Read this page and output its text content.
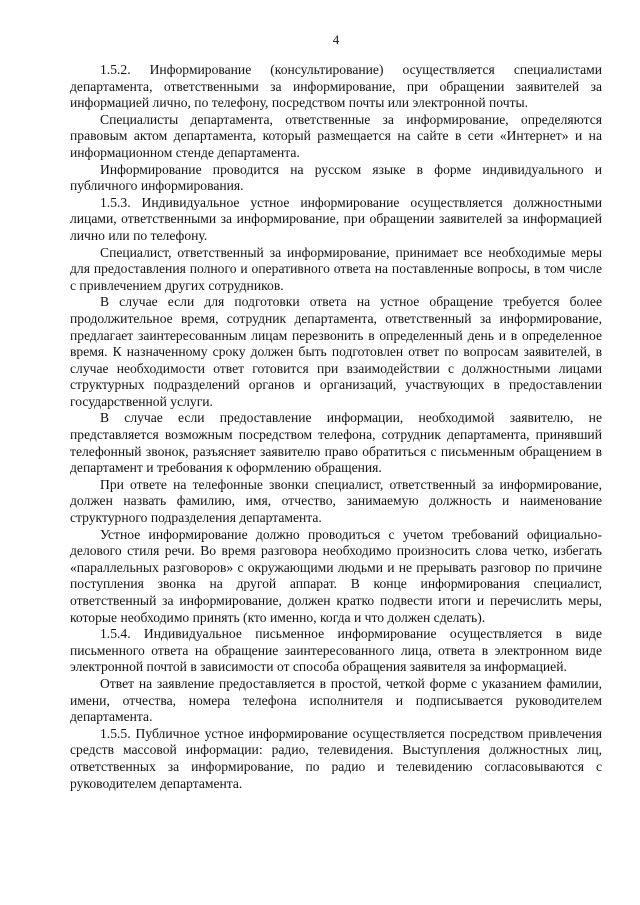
4

1.5.2. Информирование (консультирование) осуществляется специалистами департамента, ответственными за информирование, при обращении заявителей за информацией лично, по телефону, посредством почты или электронной почты.

Специалисты департамента, ответственные за информирование, определяются правовым актом департамента, который размещается на сайте в сети «Интернет» и на информационном стенде департамента.

Информирование проводится на русском языке в форме индивидуального и публичного информирования.

1.5.3. Индивидуальное устное информирование осуществляется должностными лицами, ответственными за информирование, при обращении заявителей за информацией лично или по телефону.

Специалист, ответственный за информирование, принимает все необходимые меры для предоставления полного и оперативного ответа на поставленные вопросы, в том числе с привлечением других сотрудников.

В случае если для подготовки ответа на устное обращение требуется более продолжительное время, сотрудник департамента, ответственный за информирование, предлагает заинтересованным лицам перезвонить в определенный день и в определенное время. К назначенному сроку должен быть подготовлен ответ по вопросам заявителей, в случае необходимости ответ готовится при взаимодействии с должностными лицами структурных подразделений органов и организаций, участвующих в предоставлении государственной услуги.

В случае если предоставление информации, необходимой заявителю, не представляется возможным посредством телефона, сотрудник департамента, принявший телефонный звонок, разъясняет заявителю право обратиться с письменным обращением в департамент и требования к оформлению обращения.

При ответе на телефонные звонки специалист, ответственный за информирование, должен назвать фамилию, имя, отчество, занимаемую должность и наименование структурного подразделения департамента.

Устное информирование должно проводиться с учетом требований официально-делового стиля речи. Во время разговора необходимо произносить слова четко, избегать «параллельных разговоров» с окружающими людьми и не прерывать разговор по причине поступления звонка на другой аппарат. В конце информирования специалист, ответственный за информирование, должен кратко подвести итоги и перечислить меры, которые необходимо принять (кто именно, когда и что должен сделать).

1.5.4. Индивидуальное письменное информирование осуществляется в виде письменного ответа на обращение заинтересованного лица, ответа в электронном виде электронной почтой в зависимости от способа обращения заявителя за информацией.

Ответ на заявление предоставляется в простой, четкой форме с указанием фамилии, имени, отчества, номера телефона исполнителя и подписывается руководителем департамента.

1.5.5. Публичное устное информирование осуществляется посредством привлечения средств массовой информации: радио, телевидения. Выступления должностных лиц, ответственных за информирование, по радио и телевидению согласовываются с руководителем департамента.
